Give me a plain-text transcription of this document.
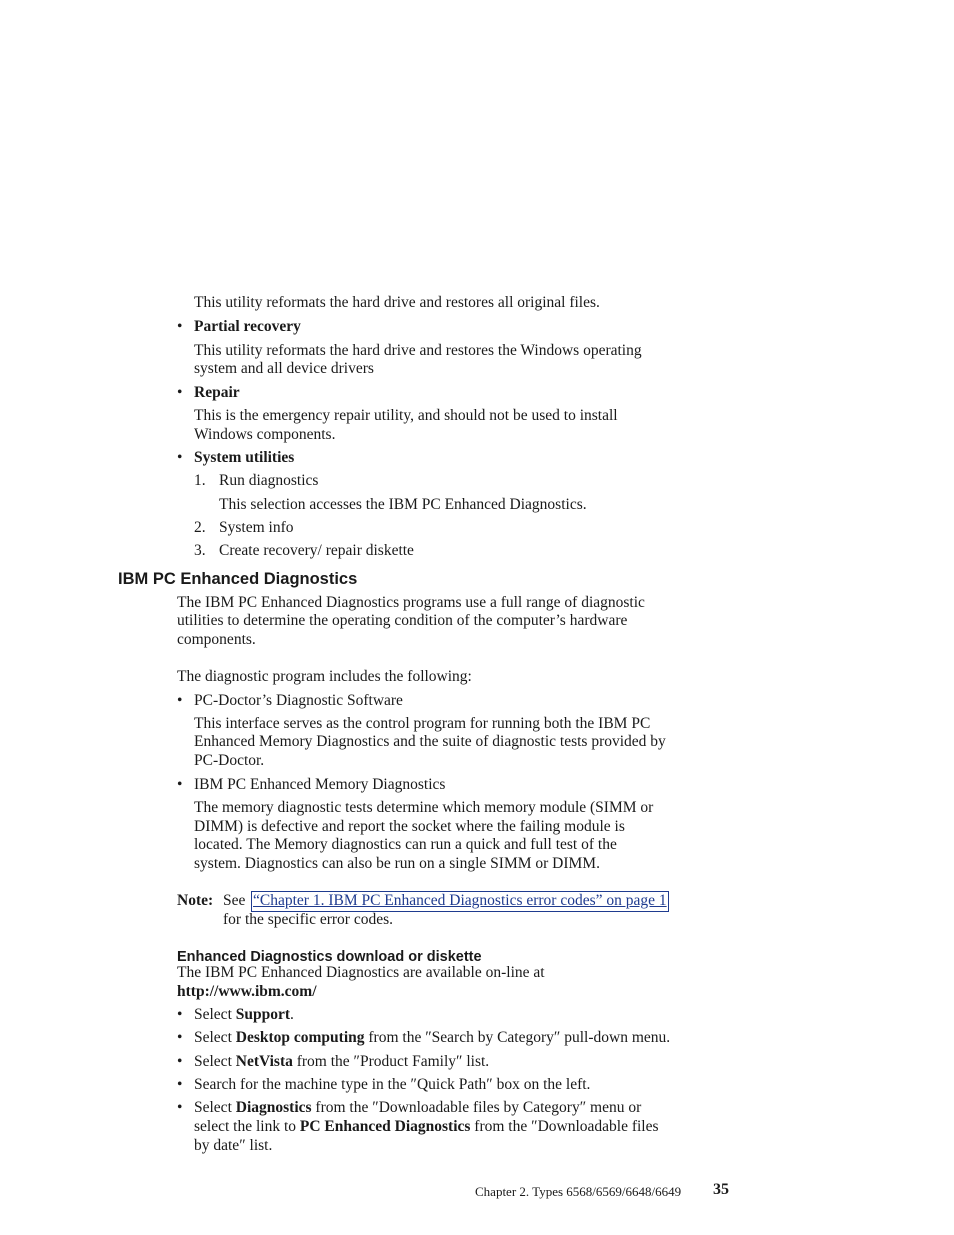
This utility reformats the hard drive and restores all original files.
• Partial recovery
This utility reformats the hard drive and restores the Windows operating
system and all device drivers
• Repair
This is the emergency repair utility, and should not be used to install
Windows components.
• System utilities
1. Run diagnostics
This selection accesses the IBM PC Enhanced Diagnostics.
2. System info
3. Create recovery/ repair diskette
IBM PC Enhanced Diagnostics
The IBM PC Enhanced Diagnostics programs use a full range of diagnostic
utilities to determine the operating condition of the computer’s hardware
components.
The diagnostic program includes the following:
• PC-Doctor’s Diagnostic Software
This interface serves as the control program for running both the IBM PC
Enhanced Memory Diagnostics and the suite of diagnostic tests provided by
PC-Doctor.
• IBM PC Enhanced Memory Diagnostics
The memory diagnostic tests determine which memory module (SIMM or
DIMM) is defective and report the socket where the failing module is
located. The Memory diagnostics can run a quick and full test of the
system. Diagnostics can also be run on a single SIMM or DIMM.
Note: See “Chapter 1. IBM PC Enhanced Diagnostics error codes” on page 1
for the specific error codes.
Enhanced Diagnostics download or diskette
The IBM PC Enhanced Diagnostics are available on-line at
http://www.ibm.com/
• Select Support.
• Select Desktop computing from the ″Search by Category″ pull-down menu.
• Select NetVista from the ″Product Family″ list.
• Search for the machine type in the ″Quick Path″ box on the left.
• Select Diagnostics from the ″Downloadable files by Category″ menu or
select the link to PC Enhanced Diagnostics from the ″Downloadable files
by date″ list.
Chapter 2. Types 6568/6569/6648/6649 35
